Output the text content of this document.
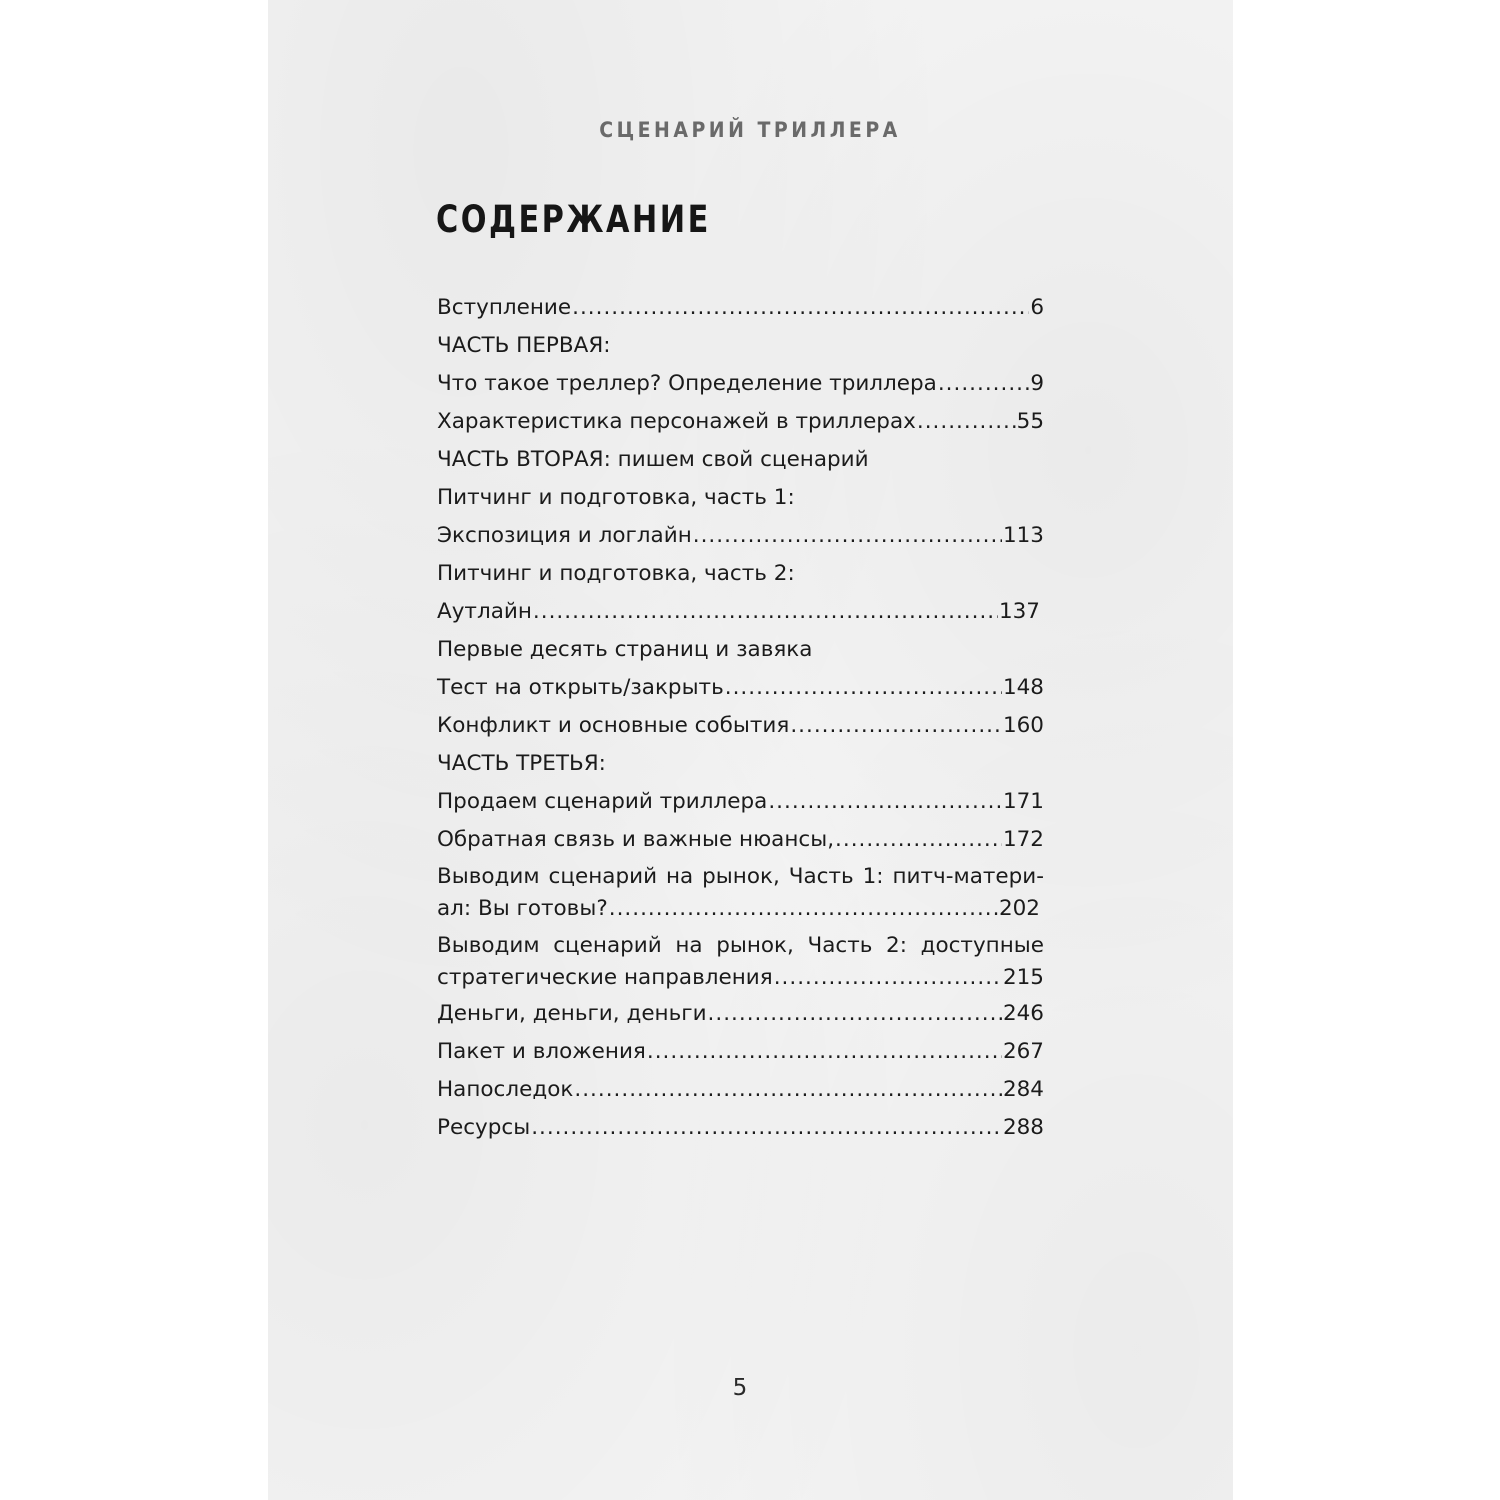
СЦЕНАРИЙ ТРИЛЛЕРА
СОДЕРЖАНИЕ
Вступление .....	6
ЧАСТЬ ПЕРВАЯ:
Что такое треллер? Определение триллера .....	9
Характеристика персонажей в триллерах .....	55
ЧАСТЬ ВТОРАЯ: пишем свой сценарий
Питчинг и подготовка, часть 1:
Экспозиция и логлайн .....	113
Питчинг и подготовка, часть 2:
Аутлайн .....	137
Первые десять страниц и завяка
Тест на открыть/закрыть .....	148
Конфликт и основные события .....	160
ЧАСТЬ ТРЕТЬЯ:
Продаем сценарий триллера .....	171
Обратная связь и важные нюансы, .....	172
Выводим сценарий на рынок, Часть 1: питч-матери-
ал: Вы готовы? .....	202
Выводим сценарий на рынок, Часть 2: доступные
стратегические направления .....	215
Деньги, деньги, деньги .....	246
Пакет и вложения .....	267
Напоследок .....	284
Ресурсы .....	288
5
